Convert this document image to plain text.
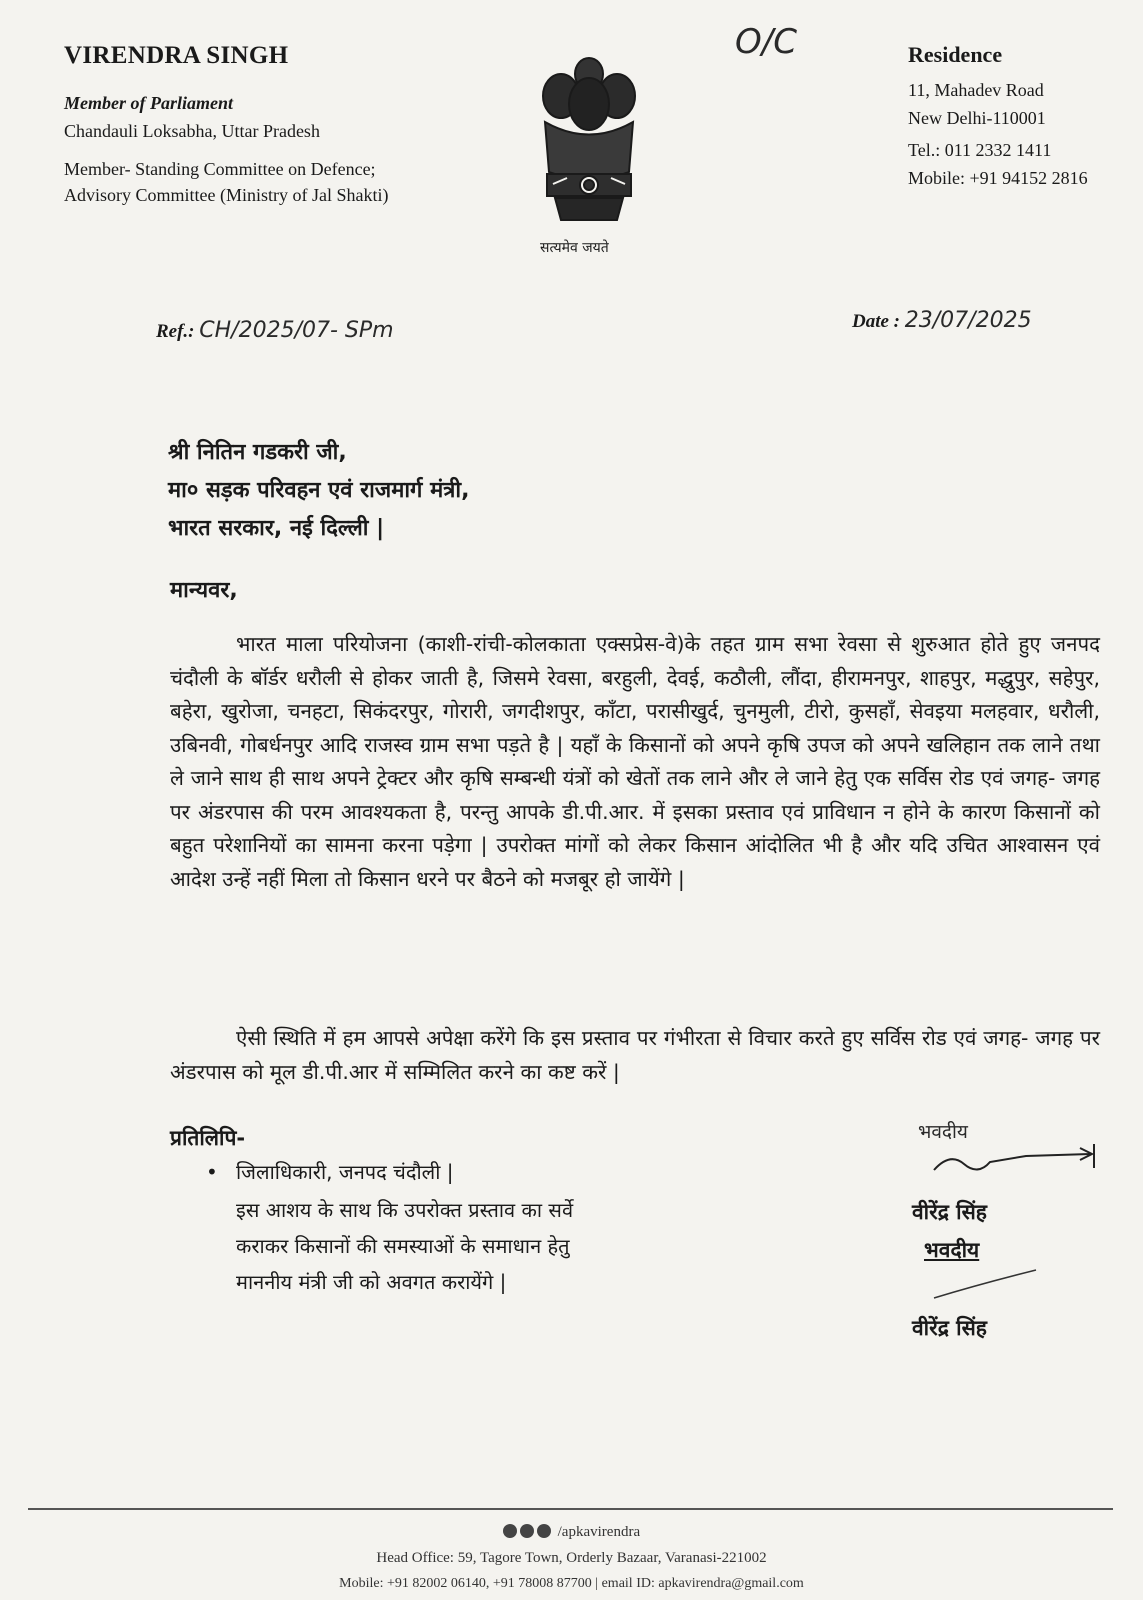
VIRENDRA SINGH
Member of Parliament
Chandauli Loksabha, Uttar Pradesh
Member- Standing Committee on Defence;
Advisory Committee (Ministry of Jal Shakti)
सत्यमेव जयते
O/C	Residence
11, Mahadev Road
New Delhi-110001
Tel.: 011 2332 1411
Mobile: +91 94152 2816
Ref.: CH/2025/07- SPm	Date : 23/07/2025
श्री नितिन गडकरी जी,
मा० सड़क परिवहन एवं राजमार्ग मंत्री,
भारत सरकार, नई दिल्ली |
मान्यवर,
भारत माला परियोजना (काशी-रांची-कोलकाता एक्सप्रेस-वे)के तहत ग्राम सभा रेवसा से शुरुआत होते हुए जनपद चंदौली के बॉर्डर धरौली से होकर जाती है, जिसमे रेवसा, बरहुली, देवई, कठौली, लौंदा, हीरामनपुर, शाहपुर, मद्धुपुर, सहेपुर, बहेरा, खुरोजा, चनहटा, सिकंदरपुर, गोरारी, जगदीशपुर, काँटा, परासीखुर्द, चुनमुली, टीरो, कुसहाँ, सेवइया मलहवार, धरौली, उबिनवी, गोबर्धनपुर आदि राजस्व ग्राम सभा पड़ते है | यहाँ के किसानों को अपने कृषि उपज को अपने खलिहान तक लाने तथा ले जाने साथ ही साथ अपने ट्रेक्टर और कृषि सम्बन्धी यंत्रों को खेतों तक लाने और ले जाने हेतु एक सर्विस रोड एवं जगह- जगह पर अंडरपास की परम आवश्यकता है, परन्तु आपके डी.पी.आर. में इसका प्रस्ताव एवं प्राविधान न होने के कारण किसानों को बहुत परेशानियों का सामना करना पड़ेगा | उपरोक्त मांगों को लेकर किसान आंदोलित भी है और यदि उचित आश्वासन एवं आदेश उन्हें नहीं मिला तो किसान धरने पर बैठने को मजबूर हो जायेंगे |
ऐसी स्थिति में हम आपसे अपेक्षा करेंगे कि इस प्रस्ताव पर गंभीरता से विचार करते हुए सर्विस रोड एवं जगह- जगह पर अंडरपास को मूल डी.पी.आर में सम्मिलित करने का कष्ट करें |
प्रतिलिपि-
• जिलाधिकारी, जनपद चंदौली |
इस आशय के साथ कि उपरोक्त प्रस्ताव का सर्वे
कराकर किसानों की समस्याओं के समाधान हेतु
माननीय मंत्री जी को अवगत करायेंगे |
भवदीय
वीरेंद्र सिंह
भवदीय
वीरेंद्र सिंह
/apkavirendra
Head Office: 59, Tagore Town, Orderly Bazaar, Varanasi-221002
Mobile: +91 82002 06140, +91 78008 87700 | email ID: apkavirendra@gmail.com
